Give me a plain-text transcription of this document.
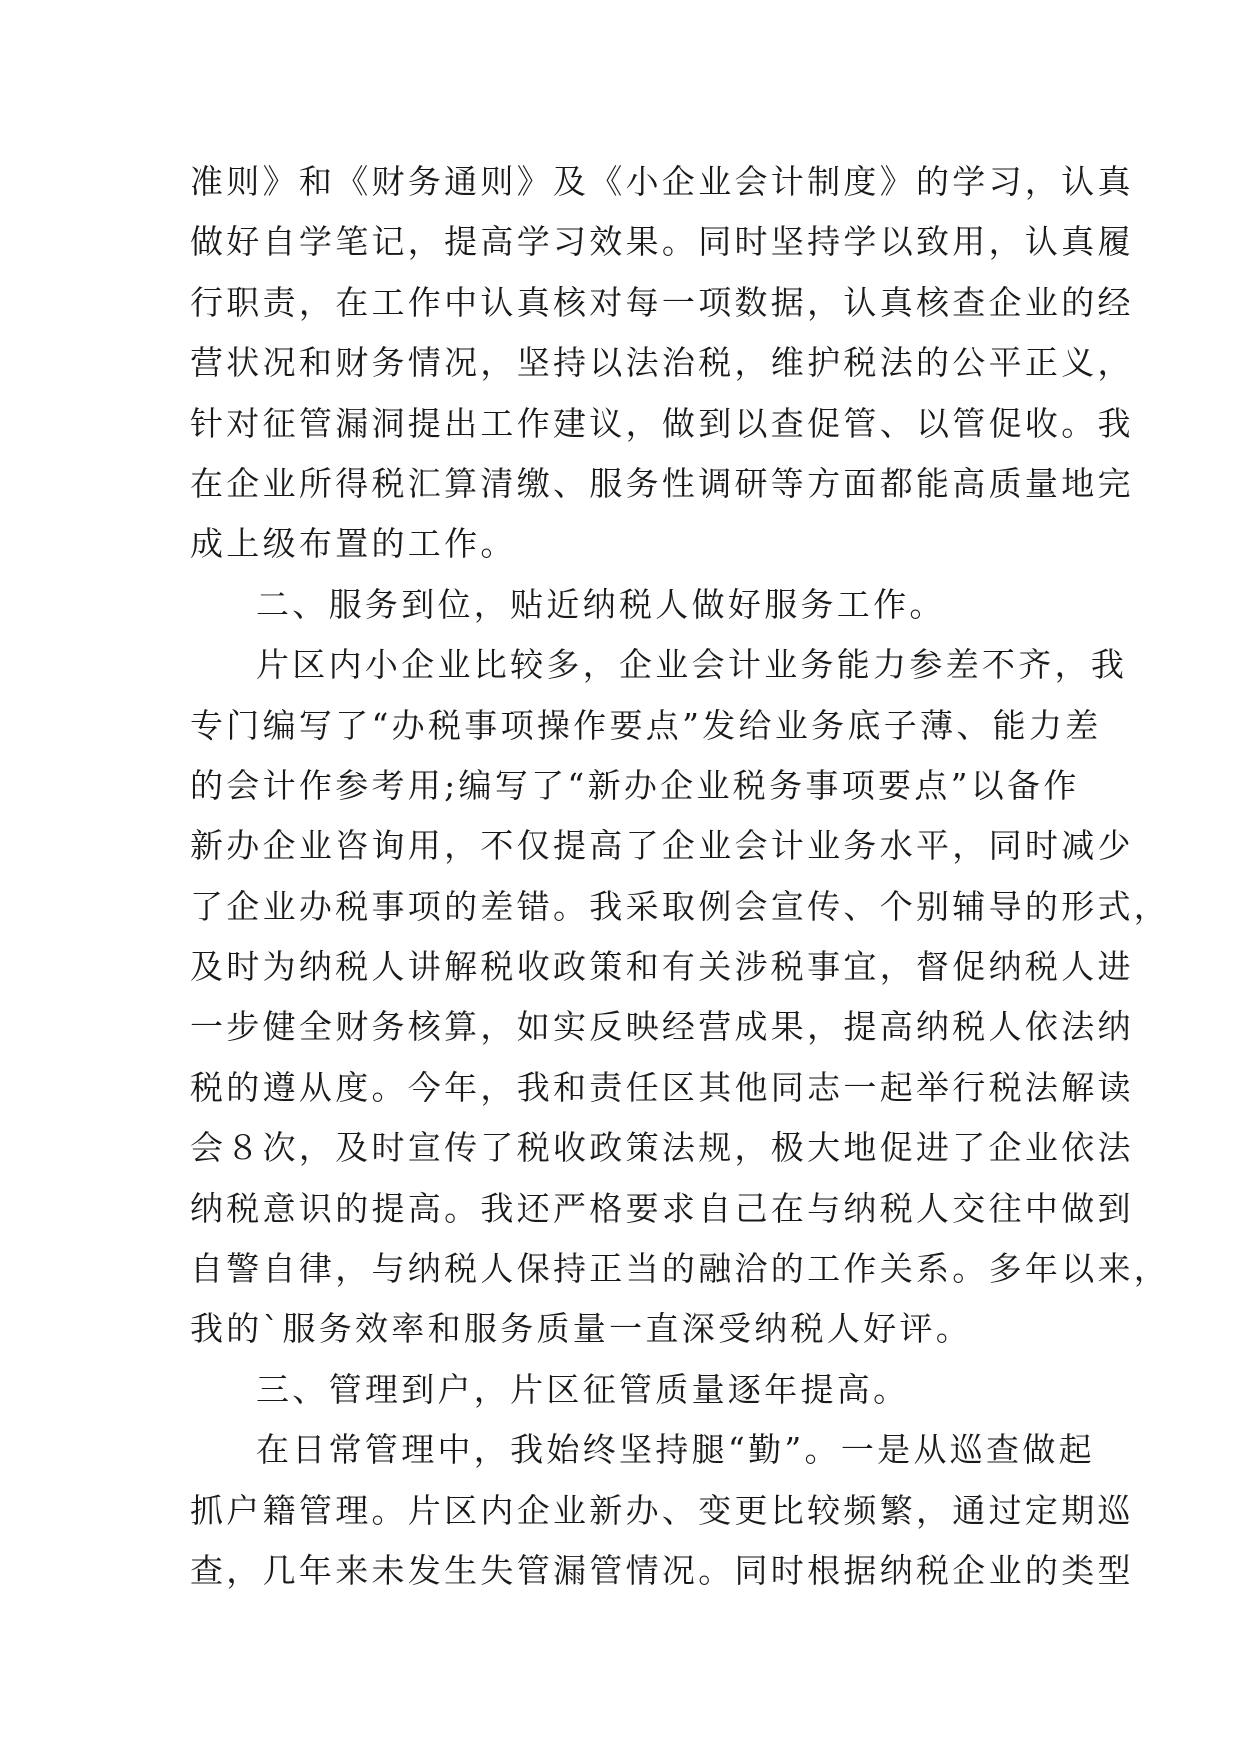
准则》和《财务通则》及《小企业会计制度》的学习，认真
做好自学笔记，提高学习效果。同时坚持学以致用，认真履
行职责，在工作中认真核对每一项数据，认真核查企业的经
营状况和财务情况，坚持以法治税，维护税法的公平正义，
针对征管漏洞提出工作建议，做到以查促管、以管促收。我
在企业所得税汇算清缴、服务性调研等方面都能高质量地完
成上级布置的工作。
二、服务到位，贴近纳税人做好服务工作。
片区内小企业比较多，企业会计业务能力参差不齐，我
专门编写了“办税事项操作要点”发给业务底子薄、能力差
的会计作参考用;编写了“新办企业税务事项要点”以备作
新办企业咨询用，不仅提高了企业会计业务水平，同时减少
了企业办税事项的差错。我采取例会宣传、个别辅导的形式，
及时为纳税人讲解税收政策和有关涉税事宜，督促纳税人进
一步健全财务核算，如实反映经营成果，提高纳税人依法纳
税的遵从度。今年，我和责任区其他同志一起举行税法解读
会８次，及时宣传了税收政策法规，极大地促进了企业依法
纳税意识的提高。我还严格要求自己在与纳税人交往中做到
自警自律，与纳税人保持正当的融洽的工作关系。多年以来，
我的`服务效率和服务质量一直深受纳税人好评。
三、管理到户，片区征管质量逐年提高。
在日常管理中，我始终坚持腿“勤”。一是从巡查做起
抓户籍管理。片区内企业新办、变更比较频繁，通过定期巡
查，几年来未发生失管漏管情况。同时根据纳税企业的类型
